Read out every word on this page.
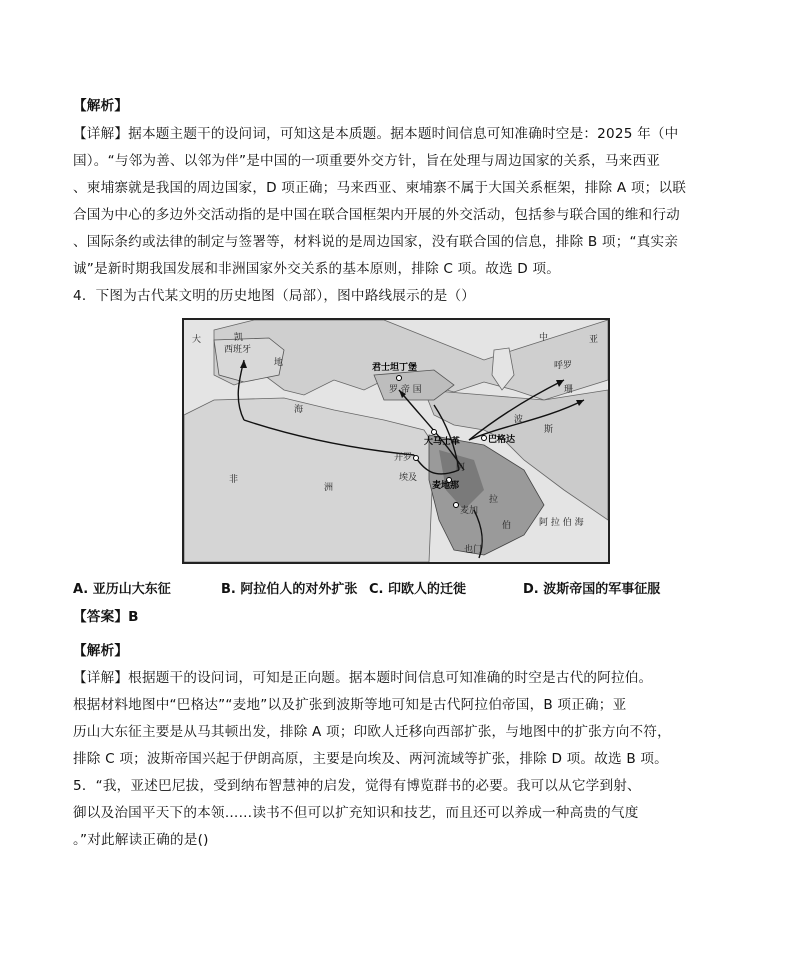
【解析】
【详解】据本题主题干的设问词，可知这是本质题。据本题时间信息可知准确时空是：2025 年（中
国）。“与邻为善、以邻为伴”是中国的一项重要外交方针，旨在处理与周边国家的关系，马来西亚
、柬埔寨就是我国的周边国家，D 项正确；马来西亚、柬埔寨不属于大国关系框架，排除 A 项；以联
合国为中心的多边外交活动指的是中国在联合国框架内开展的外交活动，包括参与联合国的维和行动
、国际条约或法律的制定与签署等，材料说的是周边国家，没有联合国的信息，排除 B 项；“真实亲
诚”是新时期我国发展和非洲国家外交关系的基本原则，排除 C 项。故选 D 项。
4．下图为古代某文明的历史地图（局部），图中路线展示的是（）
大	凯
西班牙
君士坦丁堡
罗 帝 国
中	亚
呼罗
珊
波
斯
巴格达
大马士革
开罗
埃及
非
洲
阿
麦地那
麦加
拉
伯	阿 拉 伯 海
也门
海
地
A. 亚历山大东征	B. 阿拉伯人的对外扩张 C. 印欧人的迁徙	D. 波斯帝国的军事征服
【答案】B
【解析】
【详解】根据题干的设问词，可知是正向题。据本题时间信息可知准确的时空是古代的阿拉伯。
根据材料地图中“巴格达”“麦地”以及扩张到波斯等地可知是古代阿拉伯帝国，B 项正确；亚
历山大东征主要是从马其顿出发，排除 A 项；印欧人迁移向西部扩张，与地图中的扩张方向不符，
排除 C 项；波斯帝国兴起于伊朗高原，主要是向埃及、两河流域等扩张，排除 D 项。故选 B 项。
5．“我，亚述巴尼拔，受到纳布智慧神的启发，觉得有博览群书的必要。我可以从它学到射、
御以及治国平天下的本领……读书不但可以扩充知识和技艺，而且还可以养成一种高贵的气度
。”对此解读正确的是()
